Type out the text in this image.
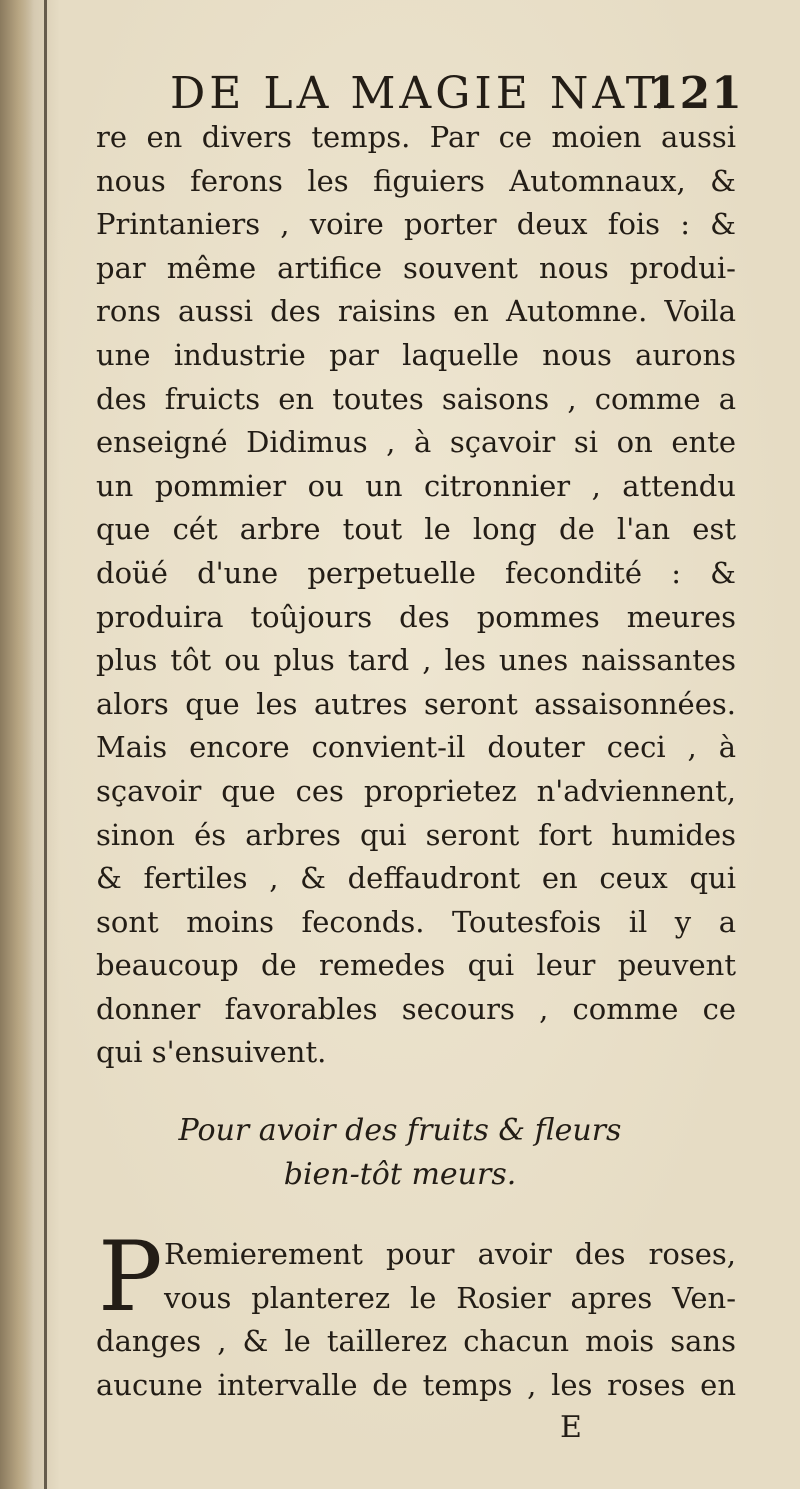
DE LA MAGIE NAT.
121
re en divers temps. Par ce moien aussi
nous ferons les figuiers Automnaux, &
Printaniers , voire porter deux fois : &
par même artifice souvent nous produi-
rons aussi des raisins en Automne. Voila
une industrie par laquelle nous aurons
des fruicts en toutes saisons , comme a
enseigné Didimus , à sçavoir si on ente
un pommier ou un citronnier , attendu
que cét arbre tout le long de l'an est
doüé d'une perpetuelle fecondité : &
produira toûjours des pommes meures
plus tôt ou plus tard , les unes naissantes
alors que les autres seront assaisonnées.
Mais encore convient-il douter ceci , à
sçavoir que ces proprietez n'adviennent,
sinon és arbres qui seront fort humides
& fertiles , & deffaudront en ceux qui
sont moins feconds. Toutesfois il y a
beaucoup de remedes qui leur peuvent
donner favorables secours , comme ce
qui s'ensuivent.
Pour avoir des fruits & fleurs
bien-tôt meurs.
P Remierement pour avoir des roses,
vous planterez le Rosier apres Ven-
danges , & le taillerez chacun mois sans
aucune intervalle de temps , les roses en
E
